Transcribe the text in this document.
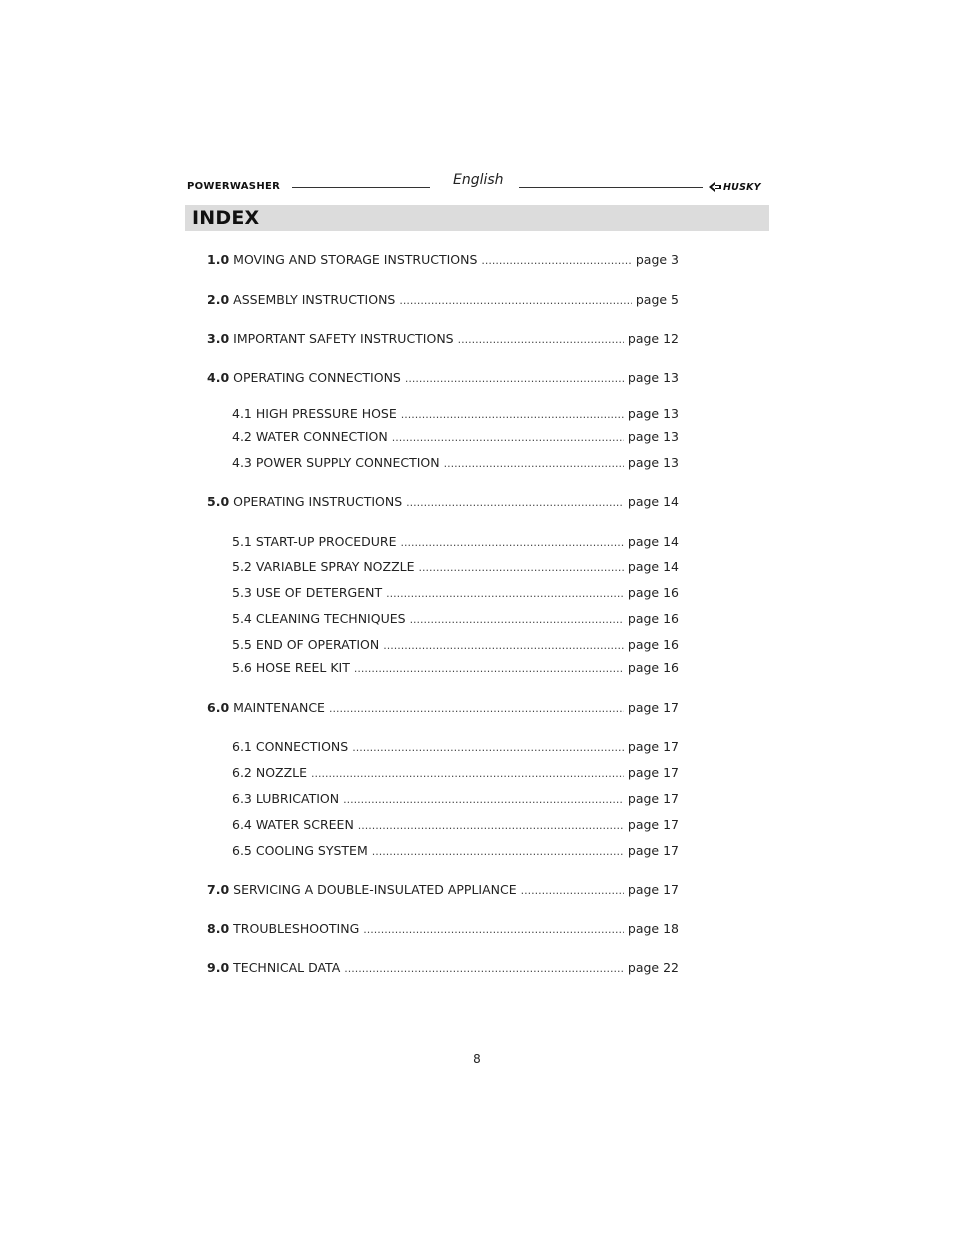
POWERWASHER	English	HUSKY
INDEX
1.0 MOVING AND STORAGE INSTRUCTIONS .....	page 3
2.0 ASSEMBLY INSTRUCTIONS .....	page 5
3.0 IMPORTANT SAFETY INSTRUCTIONS .....	page 12
4.0 OPERATING CONNECTIONS .....	page 13
4.1 HIGH PRESSURE HOSE .....	page 13
4.2 WATER CONNECTION .....	page 13
4.3 POWER SUPPLY CONNECTION .....	page 13
5.0 OPERATING INSTRUCTIONS .....	page 14
5.1 START-UP PROCEDURE .....	page 14
5.2 VARIABLE SPRAY NOZZLE .....	page 14
5.3 USE OF DETERGENT .....	page 16
5.4 CLEANING TECHNIQUES .....	page 16
5.5 END OF OPERATION .....	page 16
5.6 HOSE REEL KIT .....	page 16
6.0 MAINTENANCE .....	page 17
6.1 CONNECTIONS .....	page 17
6.2 NOZZLE .....	page 17
6.3 LUBRICATION .....	page 17
6.4 WATER SCREEN .....	page 17
6.5 COOLING SYSTEM .....	page 17
7.0 SERVICING A DOUBLE-INSULATED APPLIANCE .....	page 17
8.0 TROUBLESHOOTING .....	page 18
9.0 TECHNICAL DATA .....	page 22
8
